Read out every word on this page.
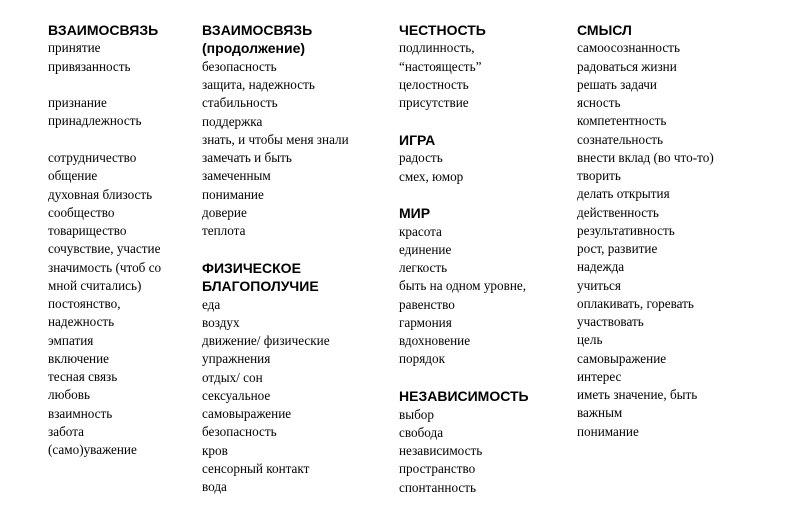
ВЗАИМОСВЯЗЬ
принятие
привязанность
признание
принадлежность
сотрудничество
общение
духовная близость
сообщество
товарищество
сочувствие, участие
значимость (чтоб со
мной считались)
постоянство,
надежность
эмпатия
включение
тесная связь
любовь
взаимность
забота
(само)уважение
ВЗАИМОСВЯЗЬ
(продолжение)
безопасность
защита, надежность
стабильность
поддержка
знать, и чтобы меня знали
замечать и быть
замеченным
понимание
доверие
теплота
ФИЗИЧЕСКОЕ
БЛАГОПОЛУЧИЕ
еда
воздух
движение/ физические
упражнения
отдых/ сон
сексуальное
самовыражение
безопасность
кров
сенсорный контакт
вода
ЧЕСТНОСТЬ
подлинность,
“настоящесть”
целостность
присутствие
ИГРА
радость
смех, юмор
МИР
красота
единение
легкость
быть на одном уровне,
равенство
гармония
вдохновение
порядок
НЕЗАВИСИМОСТЬ
выбор
свобода
независимость
пространство
спонтанность
СМЫСЛ
самоосознанность
радоваться жизни
решать задачи
ясность
компетентность
сознательность
внести вклад (во что-то)
творить
делать открытия
действенность
результативность
рост, развитие
надежда
учиться
оплакивать, горевать
участвовать
цель
самовыражение
интерес
иметь значение, быть
важным
понимание
